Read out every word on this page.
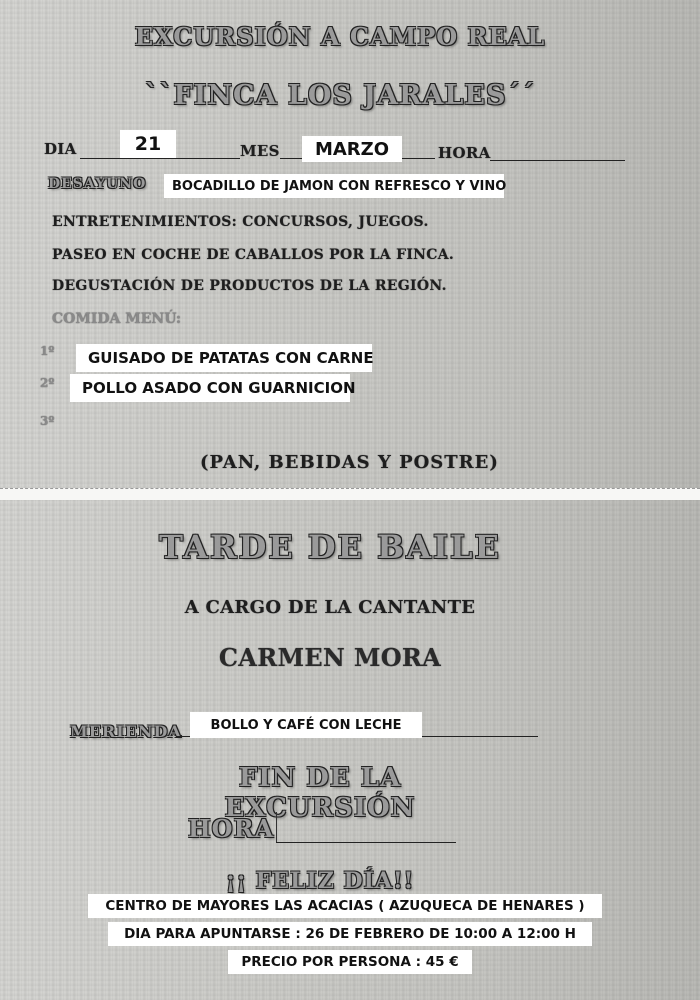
EXCURSIÓN A CAMPO REAL
``FINCA LOS JARALES´´
DIA	21	MES	MARZO	HORA
DESAYUNO	BOCADILLO DE JAMON CON REFRESCO Y VINO
ENTRETENIMIENTOS: CONCURSOS, JUEGOS.
PASEO EN COCHE DE CABALLOS POR LA FINCA.
DEGUSTACIÓN DE PRODUCTOS DE LA REGIÓN.
COMIDA MENÚ:
1º	GUISADO DE PATATAS CON CARNE
2º	POLLO ASADO CON GUARNICION
3º
(PAN, BEBIDAS Y POSTRE)
TARDE DE BAILE
A CARGO DE LA CANTANTE
CARMEN MORA
MERIENDA	BOLLO Y CAFÉ CON LECHE
FIN DE LA EXCURSIÓN
HORA
¡¡ FELIZ DÍA!!
CENTRO DE MAYORES LAS ACACIAS ( AZUQUECA DE HENARES )
DIA PARA APUNTARSE : 26 DE FEBRERO DE 10:00 A 12:00 H
PRECIO POR PERSONA : 45 €
